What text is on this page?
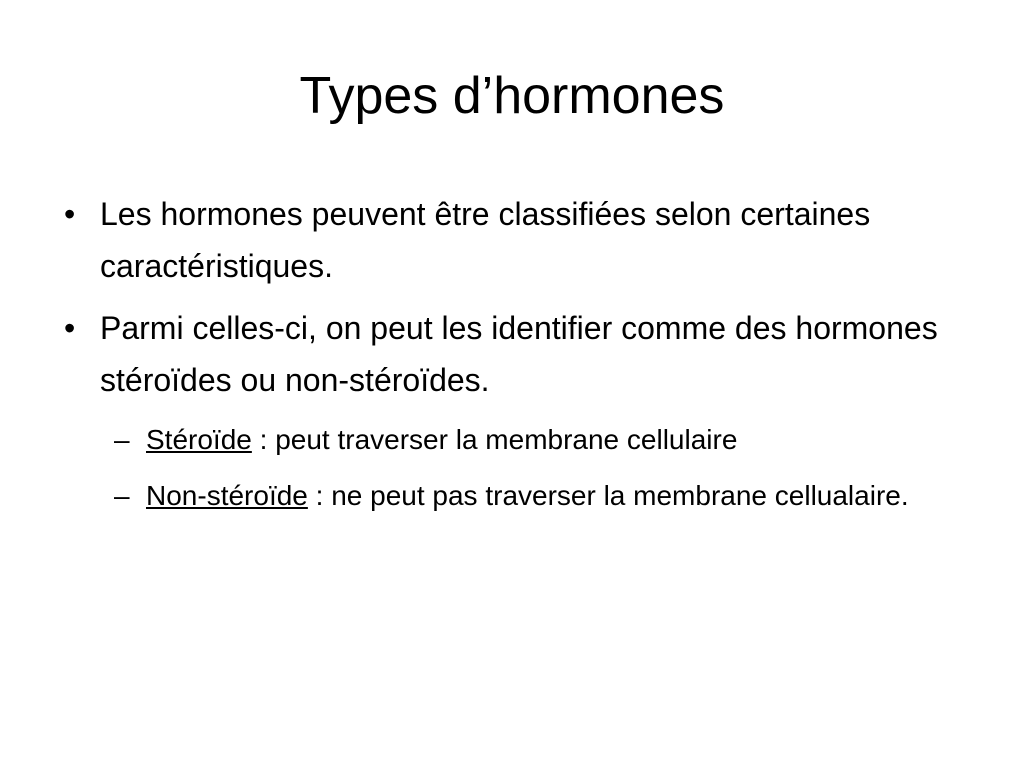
Types d’hormones
• Les hormones peuvent être classifiées selon certaines caractéristiques.
• Parmi celles-ci, on peut les identifier comme des hormones stéroïdes ou non-stéroïdes.
– Stéroïde : peut traverser la membrane cellulaire
– Non-stéroïde : ne peut pas traverser la membrane cellualaire.
